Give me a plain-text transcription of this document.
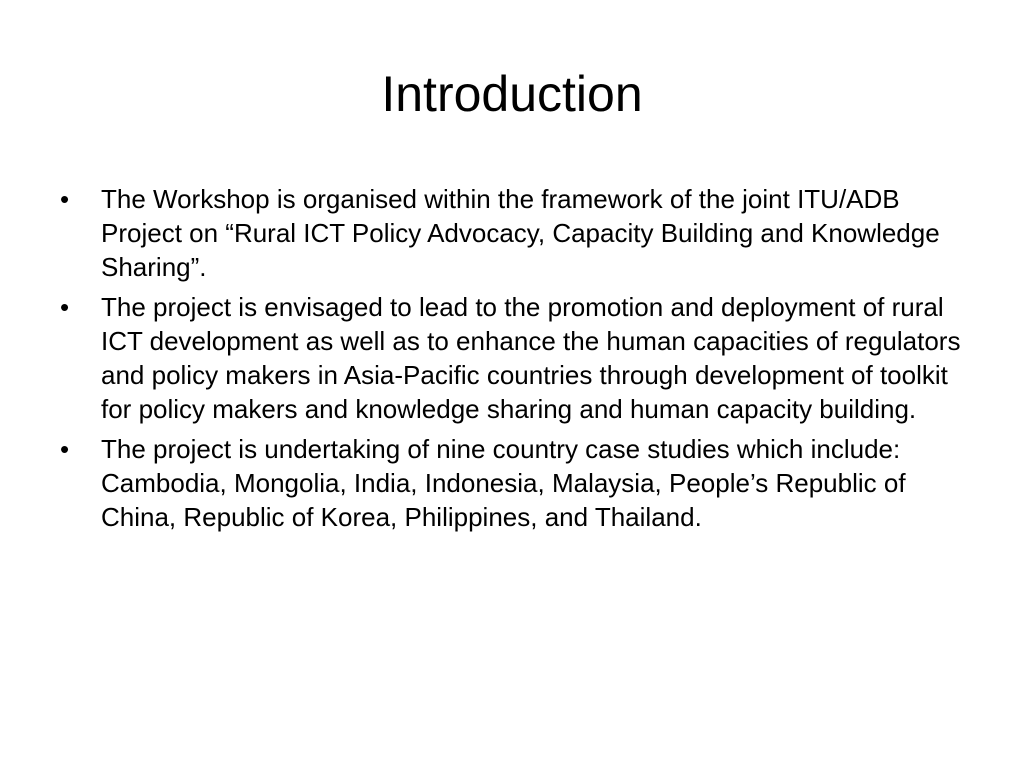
Introduction
•	The Workshop is organised within the framework of the joint ITU/ADB Project on “Rural ICT Policy Advocacy, Capacity Building and Knowledge Sharing”.
•	The project is envisaged to lead to the promotion and deployment of rural ICT development as well as to enhance the human capacities of regulators and policy makers in Asia-Pacific countries through development of toolkit for policy makers and knowledge sharing and human capacity building.
•	The project is undertaking of nine country case studies which include: Cambodia, Mongolia, India, Indonesia, Malaysia, People’s Republic of China, Republic of Korea, Philippines, and Thailand.
